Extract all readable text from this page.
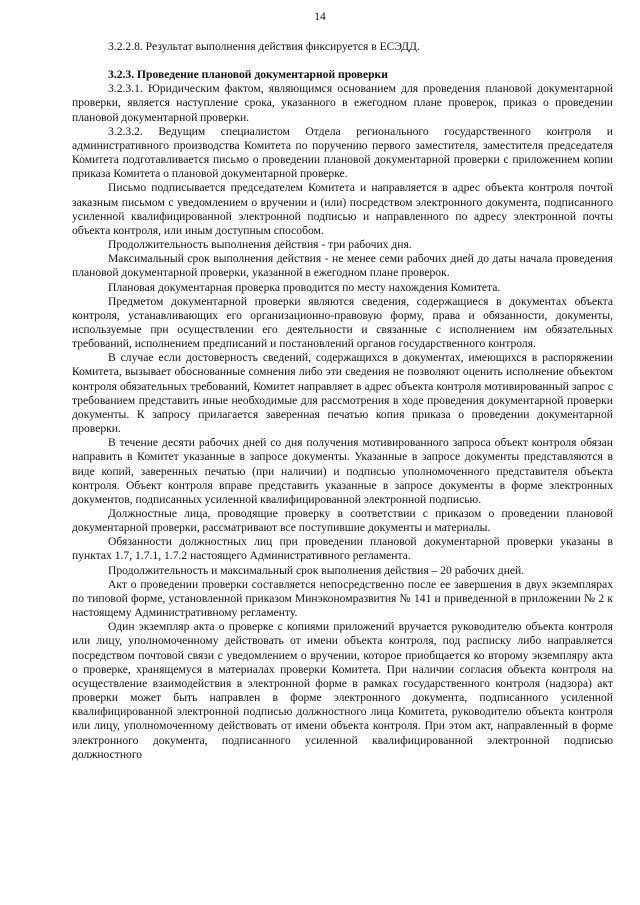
14

3.2.2.8. Результат выполнения действия фиксируется в ЕСЭДД.

3.2.3. Проведение плановой документарной проверки

3.2.3.1. Юридическим фактом, являющимся основанием для проведения плановой документарной проверки, является наступление срока, указанного в ежегодном плане проверок, приказ о проведении плановой документарной проверки.

3.2.3.2. Ведущим специалистом Отдела регионального государственного контроля и административного производства Комитета по поручению первого заместителя, заместителя председателя Комитета подготавливается письмо о проведении плановой документарной проверки с приложением копии приказа Комитета о плановой документарной проверке.

Письмо подписывается председателем Комитета и направляется в адрес объекта контроля почтой заказным письмом с уведомлением о вручении и (или) посредством электронного документа, подписанного усиленной квалифицированной электронной подписью и направленного по адресу электронной почты объекта контроля, или иным доступным способом.

Продолжительность выполнения действия - три рабочих дня.

Максимальный срок выполнения действия - не менее семи рабочих дней до даты начала проведения плановой документарной проверки, указанной в ежегодном плане проверок.

Плановая документарная проверка проводится по месту нахождения Комитета.

Предметом документарной проверки являются сведения, содержащиеся в документах объекта контроля, устанавливающих его организационно-правовую форму, права и обязанности, документы, используемые при осуществлении его деятельности и связанные с исполнением им обязательных требований, исполнением предписаний и постановлений органов государственного контроля.

В случае если достоверность сведений, содержащихся в документах, имеющихся в распоряжении Комитета, вызывает обоснованные сомнения либо эти сведения не позволяют оценить исполнение объектом контроля обязательных требований, Комитет направляет в адрес объекта контроля мотивированный запрос с требованием представить иные необходимые для рассмотрения в ходе проведения документарной проверки документы. К запросу прилагается заверенная печатью копия приказа о проведении документарной проверки.

В течение десяти рабочих дней со дня получения мотивированного запроса объект контроля обязан направить в Комитет указанные в запросе документы. Указанные в запросе документы представляются в виде копий, заверенных печатью (при наличии) и подписью уполномоченного представителя объекта контроля. Объект контроля вправе представить указанные в запросе документы в форме электронных документов, подписанных усиленной квалифицированной электронной подписью.

Должностные лица, проводящие проверку в соответствии с приказом о проведении плановой документарной проверки, рассматривают все поступившие документы и материалы.

Обязанности должностных лиц при проведении плановой документарной проверки указаны в пунктах 1.7, 1.7.1, 1.7.2 настоящего Административного регламента.

Продолжительность и максимальный срок выполнения действия – 20 рабочих дней.

Акт о проведении проверки составляется непосредственно после ее завершения в двух экземплярах по типовой форме, установленной приказом Минэкономразвития № 141 и приведенной в приложении № 2 к настоящему Административному регламенту.

Один экземпляр акта о проверке с копиями приложений вручается руководителю объекта контроля или лицу, уполномоченному действовать от имени объекта контроля, под расписку либо направляется посредством почтовой связи с уведомлением о вручении, которое приобщается ко второму экземпляру акта о проверке, хранящемуся в материалах проверки Комитета. При наличии согласия объекта контроля на осуществление взаимодействия в электронной форме в рамках государственного контроля (надзора) акт проверки может быть направлен в форме электронного документа, подписанного усиленной квалифицированной электронной подписью должностного лица Комитета, руководителю объекта контроля или лицу, уполномоченному действовать от имени объекта контроля. При этом акт, направленный в форме электронного документа, подписанного усиленной квалифицированной электронной подписью должностного
